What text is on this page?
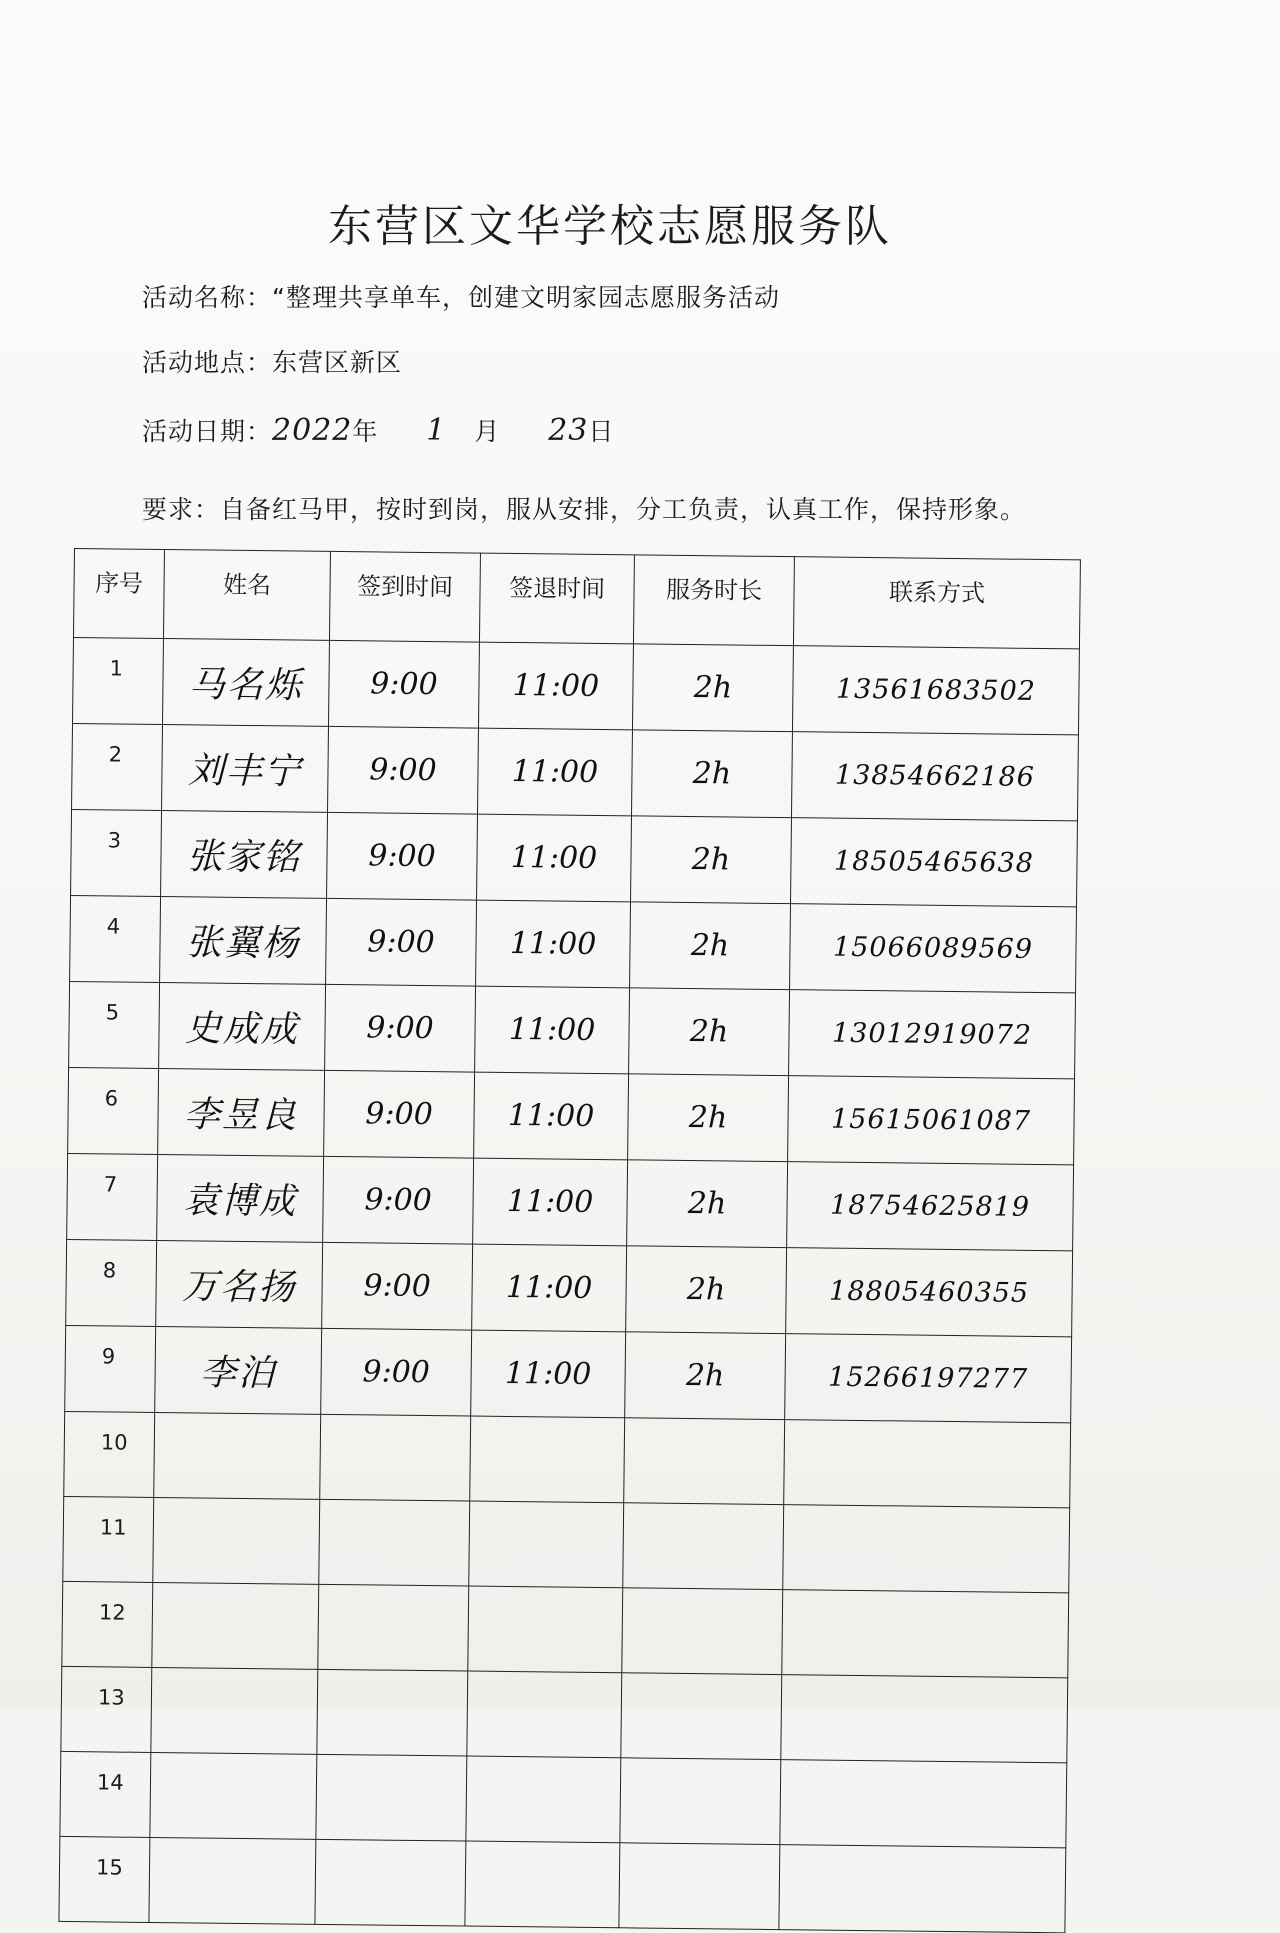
东营区文华学校志愿服务队
活动名称：“整理共享单车，创建文明家园志愿服务活动
活动地点：东营区新区
活动日期：2022年 1 月 23日
要求：自备红马甲，按时到岗，服从安排，分工负责，认真工作，保持形象。
序号	姓名	签到时间	签退时间	服务时长	联系方式
1	马名烁	9:00	11:00	2h	13561683502
2	刘丰宁	9:00	11:00	2h	13854662186
3	张家铭	9:00	11:00	2h	18505465638
4	张翼杨	9:00	11:00	2h	15066089569
5	史成成	9:00	11:00	2h	13012919072
6	李昱良	9:00	11:00	2h	15615061087
7	袁博成	9:00	11:00	2h	18754625819
8	万名扬	9:00	11:00	2h	18805460355
9	李泊	9:00	11:00	2h	15266197277
10					
11					
12					
13					
14					
15					
